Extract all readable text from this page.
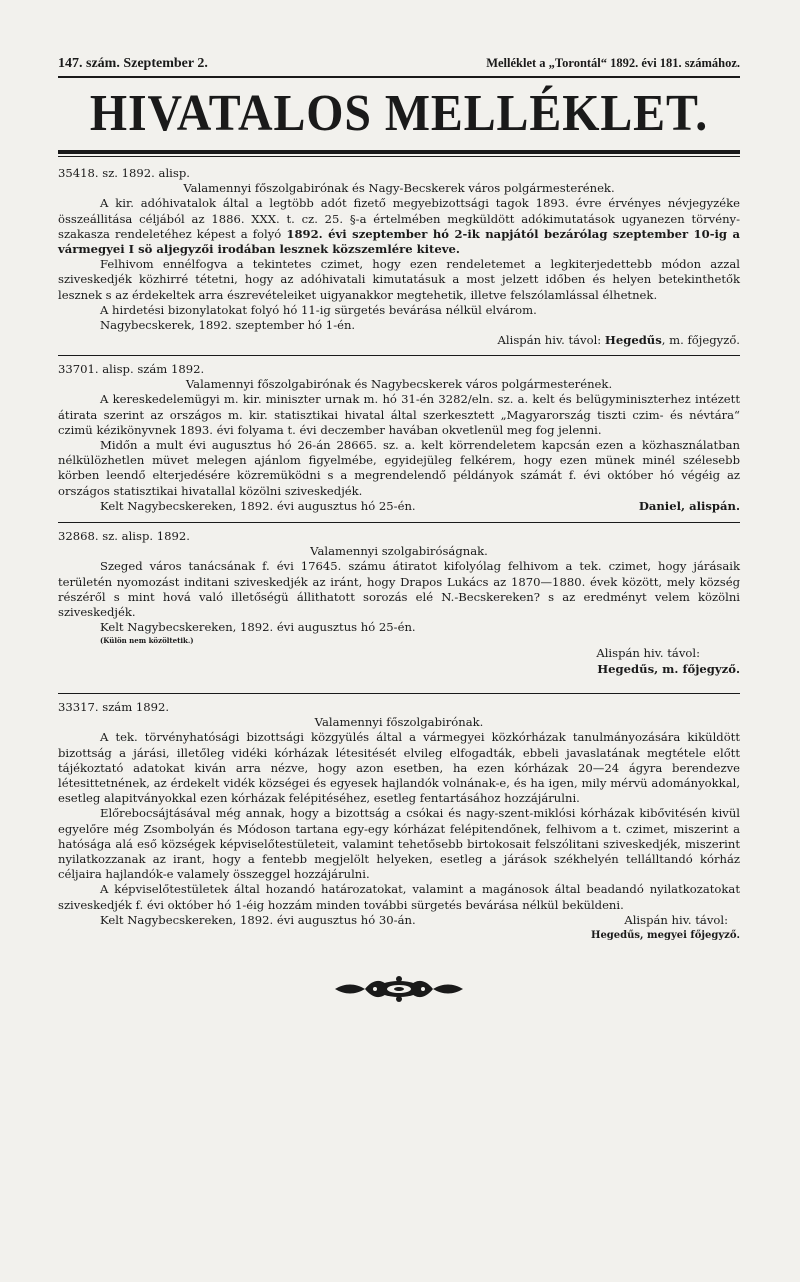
147. szám. Szeptember 2.	Melléklet a „Torontál“ 1892. évi 181. számához.
HIVATALOS MELLÉKLET.

35418. sz. 1892. alisp.

Valamennyi főszolgabirónak és Nagy-Becskerek város polgármesterének.

A kir. adóhivatalok által a legtöbb adót fizető megyebizottsági tagok 1893. évre érvényes névjegyzéke összeállitása céljából az 1886. XXX. t. cz. 25. §-a értelmében megküldött adókimutatások ugyanezen törvény-szakasza rendeletéhez képest a folyó 1892. évi szeptember hó 2-ik napjától bezárólag szeptember 10-ig a vármegyei I sö aljegyzői irodában lesznek közszemlére kiteve.

Felhivom ennélfogva a tekintetes czimet, hogy ezen rendeletemet a legkiterjedettebb módon azzal sziveskedjék közhirré tétetni, hogy az adóhivatali kimutatásuk a most jelzett időben és helyen betekinthetők lesznek s az érdekeltek arra észrevételeiket uigyanakkor megtehetik, illetve felszólamlással élhetnek.

A hirdetési bizonylatokat folyó hó 11-ig sürgetés bevárása nélkül elvárom.

Nagybecskerek, 1892. szeptember hó 1-én.

Alispán hiv. távol: Hegedűs, m. főjegyző.

33701. alisp. szám 1892.

Valamennyi főszolgabirónak és Nagybecskerek város polgármesterének.

A kereskedelemügyi m. kir. miniszter urnak m. hó 31-én 3282/eln. sz. a. kelt és belügyminiszterhez intézett átirata szerint az országos m. kir. statisztikai hivatal által szerkesztett „Magyarország tiszti czim- és névtára“ czimü kézikönyvnek 1893. évi folyama t. évi deczember havában okvetlenül meg fog jelenni.

Midőn a mult évi augusztus hó 26-án 28665. sz. a. kelt körrendeletem kapcsán ezen a közhasználatban nélkülözhetlen müvet melegen ajánlom figyelmébe, egyidejüleg felkérem, hogy ezen münek minél szélesebb körben leendő elterjedésére közremüködni s a megrendelendő példányok számát f. évi október hó végéig az országos statisztikai hivatallal közölni sziveskedjék.

Kelt Nagybecskereken, 1892. évi augusztus hó 25-én.	Daniel, alispán.

32868. sz. alisp. 1892.

Valamennyi szolgabiróságnak.

Szeged város tanácsának f. évi 17645. számu átiratot kifolyólag felhivom a tek. czimet, hogy járásaik területén nyomozást inditani sziveskedjék az iránt, hogy Drapos Lukács az 1870—1880. évek között, mely község részéről s mint hová való illetőségü állithatott sorozás elé N.-Becskereken? s az eredményt velem közölni sziveskedjék.

Kelt Nagybecskereken, 1892. évi augusztus hó 25-én.

(Külön nem közöltetik.)

Alispán hiv. távol:

Hegedűs, m. főjegyző.

33317. szám 1892.

Valamennyi főszolgabirónak.

A tek. törvényhatósági bizottsági közgyülés által a vármegyei közkórházak tanulmányozására kiküldött bizottság a járási, illetőleg vidéki kórházak létesitését elvileg elfogadták, ebbeli javaslatának megtétele előtt tájékoztató adatokat kiván arra nézve, hogy azon esetben, ha ezen kórházak 20—24 ágyra berendezve létesittetnének, az érdekelt vidék községei és egyesek hajlandók volnának-e, és ha igen, mily mérvü adományokkal, esetleg alapitványokkal ezen kórházak felépitéséhez, esetleg fentartásához hozzájárulni.

Előrebocsájtásával még annak, hogy a bizottság a csókai és nagy-szent-miklósi kórházak kibővitésén kivül egyelőre még Zsombolyán és Módoson tartana egy-egy kórházat felépitendőnek, felhivom a t. czimet, miszerint a hatósága alá eső községek képviselőtestületeit, valamint tehetősebb birtokosait felszólitani sziveskedjék, miszerint nyilatkozzanak az irant, hogy a fentebb megjelölt helyeken, esetleg a járások székhelyén tellálltandó kórház céljaira hajlandók-e valamely összeggel hozzájárulni.

A képviselőtestületek által hozandó határozatokat, valamint a magánosok által beadandó nyilatkozatokat sziveskedjék f. évi október hó 1-éig hozzám minden további sürgetés bevárása nélkül beküldeni.

Kelt Nagybecskereken, 1892. évi augusztus hó 30-án.	Alispán hiv. távol:

Hegedűs, megyei főjegyző.
